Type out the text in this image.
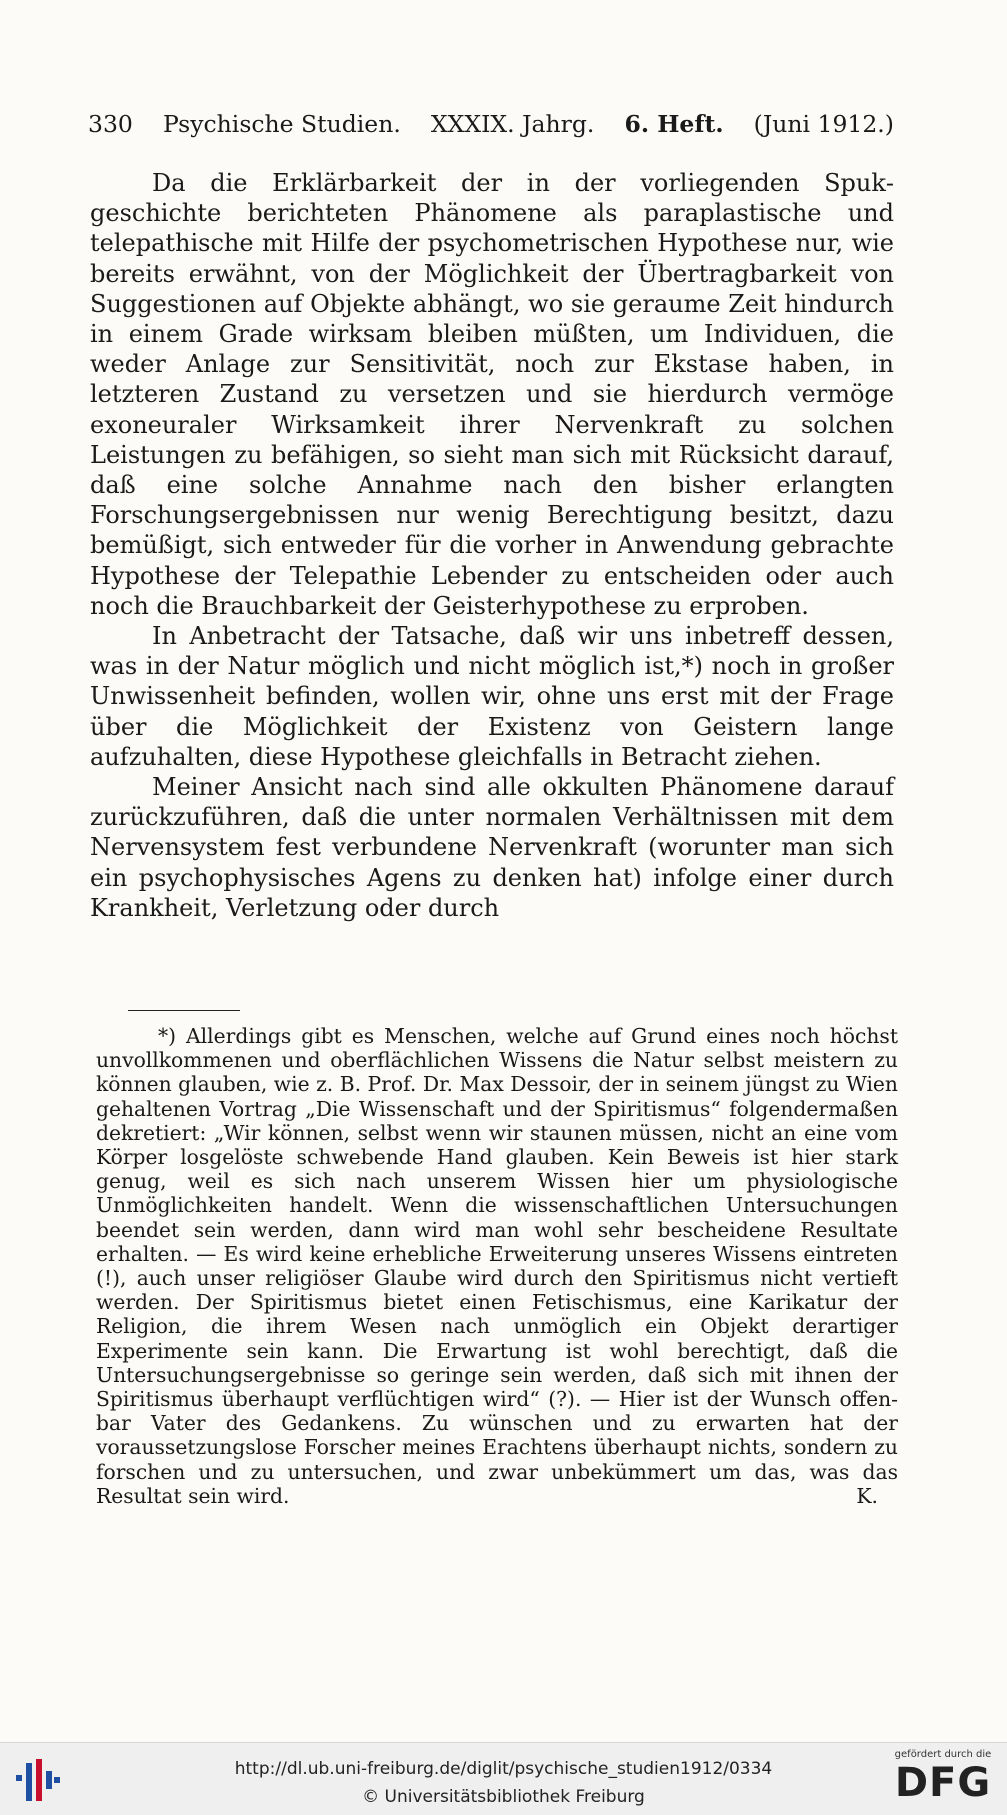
330 Psychische Studien. XXXIX. Jahrg. 6. Heft. (Juni 1912.)

Da die Erklärbarkeit der in der vorliegenden Spukgeschichte berichteten Phänomene als paraplastische und telepathische mit Hilfe der psychometrischen Hypothese nur, wie bereits erwähnt, von der Möglichkeit der Übertragbarkeit von Suggestionen auf Objekte abhängt, wo sie geraume Zeit hindurch in einem Grade wirksam bleiben müßten, um Individuen, die weder Anlage zur Sensitivität, noch zur Ekstase haben, in letzteren Zustand zu versetzen und sie hierdurch vermöge exoneuraler Wirksamkeit ihrer Nervenkraft zu solchen Leistungen zu befähigen, so sieht man sich mit Rücksicht darauf, daß eine solche Annahme nach den bisher erlangten Forschungsergebnissen nur wenig Berechtigung besitzt, dazu bemüßigt, sich entweder für die vorher in Anwendung gebrachte Hypothese der Telepathie Lebender zu entscheiden oder auch noch die Brauchbarkeit der Geisterhypothese zu erproben.

In Anbetracht der Tatsache, daß wir uns inbetreff dessen, was in der Natur möglich und nicht möglich ist,*) noch in großer Unwissenheit befinden, wollen wir, ohne uns erst mit der Frage über die Möglichkeit der Existenz von Geistern lange aufzuhalten, diese Hypothese gleichfalls in Betracht ziehen.

Meiner Ansicht nach sind alle okkulten Phänomene darauf zurückzuführen, daß die unter normalen Verhältnissen mit dem Nervensystem fest verbundene Nervenkraft (worunter man sich ein psychophysisches Agens zu denken hat) infolge einer durch Krankheit, Verletzung oder durch

*) Allerdings gibt es Menschen, welche auf Grund eines noch höchst unvollkommenen und oberflächlichen Wissens die Natur selbst meistern zu können glauben, wie z. B. Prof. Dr. Max Dessoir, der in seinem jüngst zu Wien gehaltenen Vortrag „Die Wissenschaft und der Spiritismus“ folgendermaßen dekretiert: „Wir können, selbst wenn wir staunen müssen, nicht an eine vom Körper losgelöste schwebende Hand glauben. Kein Beweis ist hier stark genug, weil es sich nach unserem Wissen hier um physiologische Unmöglichkeiten handelt. Wenn die wissenschaftlichen Untersuchungen beendet sein werden, dann wird man wohl sehr bescheidene Resultate erhalten. — Es wird keine erhebliche Erweiterung unseres Wissens eintreten (!), auch unser religiöser Glaube wird durch den Spiritismus nicht vertieft werden. Der Spiritismus bietet einen Fetischismus, eine Karikatur der Religion, die ihrem Wesen nach unmöglich ein Objekt derartiger Experimente sein kann. Die Erwartung ist wohl berechtigt, daß die Untersuchungsergebnisse so geringe sein werden, daß sich mit ihnen der Spiritismus überhaupt verflüchtigen wird“ (?). — Hier ist der Wunsch offenbar Vater des Gedankens. Zu wünschen und zu erwarten hat der voraussetzungslose Forscher meines Erachtens überhaupt nichts, sondern zu forschen und zu untersuchen, und zwar unbekümmert um das, was das Resultat sein wird.	K.

http://dl.ub.uni-freiburg.de/diglit/psychische_studien1912/0334
© Universitätsbibliothek Freiburg
gefördert durch die
DFG
